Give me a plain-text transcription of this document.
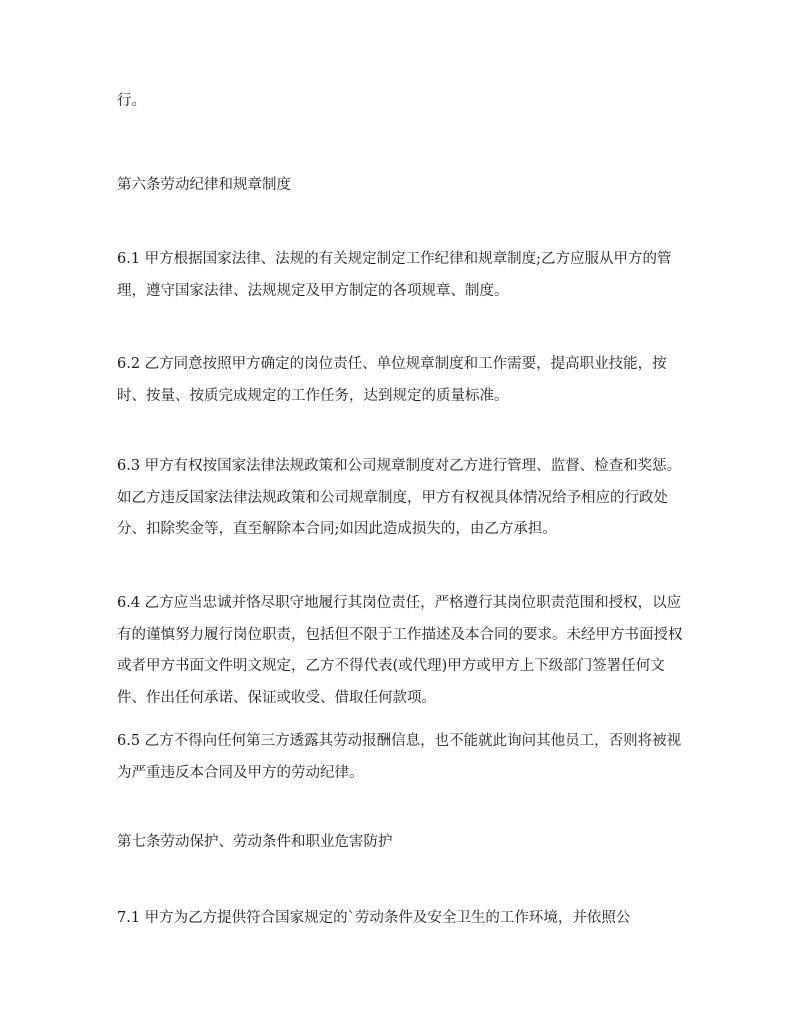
行。

第六条劳动纪律和规章制度

6.1 甲方根据国家法律、法规的有关规定制定工作纪律和规章制度;乙方应服从甲方的管理，遵守国家法律、法规规定及甲方制定的各项规章、制度。

6.2 乙方同意按照甲方确定的岗位责任、单位规章制度和工作需要，提高职业技能，按时、按量、按质完成规定的工作任务，达到规定的质量标准。

6.3 甲方有权按国家法律法规政策和公司规章制度对乙方进行管理、监督、检查和奖惩。如乙方违反国家法律法规政策和公司规章制度，甲方有权视具体情况给予相应的行政处分、扣除奖金等，直至解除本合同;如因此造成损失的，由乙方承担。

6.4 乙方应当忠诚并恪尽职守地履行其岗位责任，严格遵行其岗位职责范围和授权，以应有的谨慎努力履行岗位职责，包括但不限于工作描述及本合同的要求。未经甲方书面授权或者甲方书面文件明文规定，乙方不得代表(或代理)甲方或甲方上下级部门签署任何文件、作出任何承诺、保证或收受、借取任何款项。

6.5 乙方不得向任何第三方透露其劳动报酬信息，也不能就此询问其他员工，否则将被视为严重违反本合同及甲方的劳动纪律。

第七条劳动保护、劳动条件和职业危害防护

7.1 甲方为乙方提供符合国家规定的`劳动条件及安全卫生的工作环境，并依照公
